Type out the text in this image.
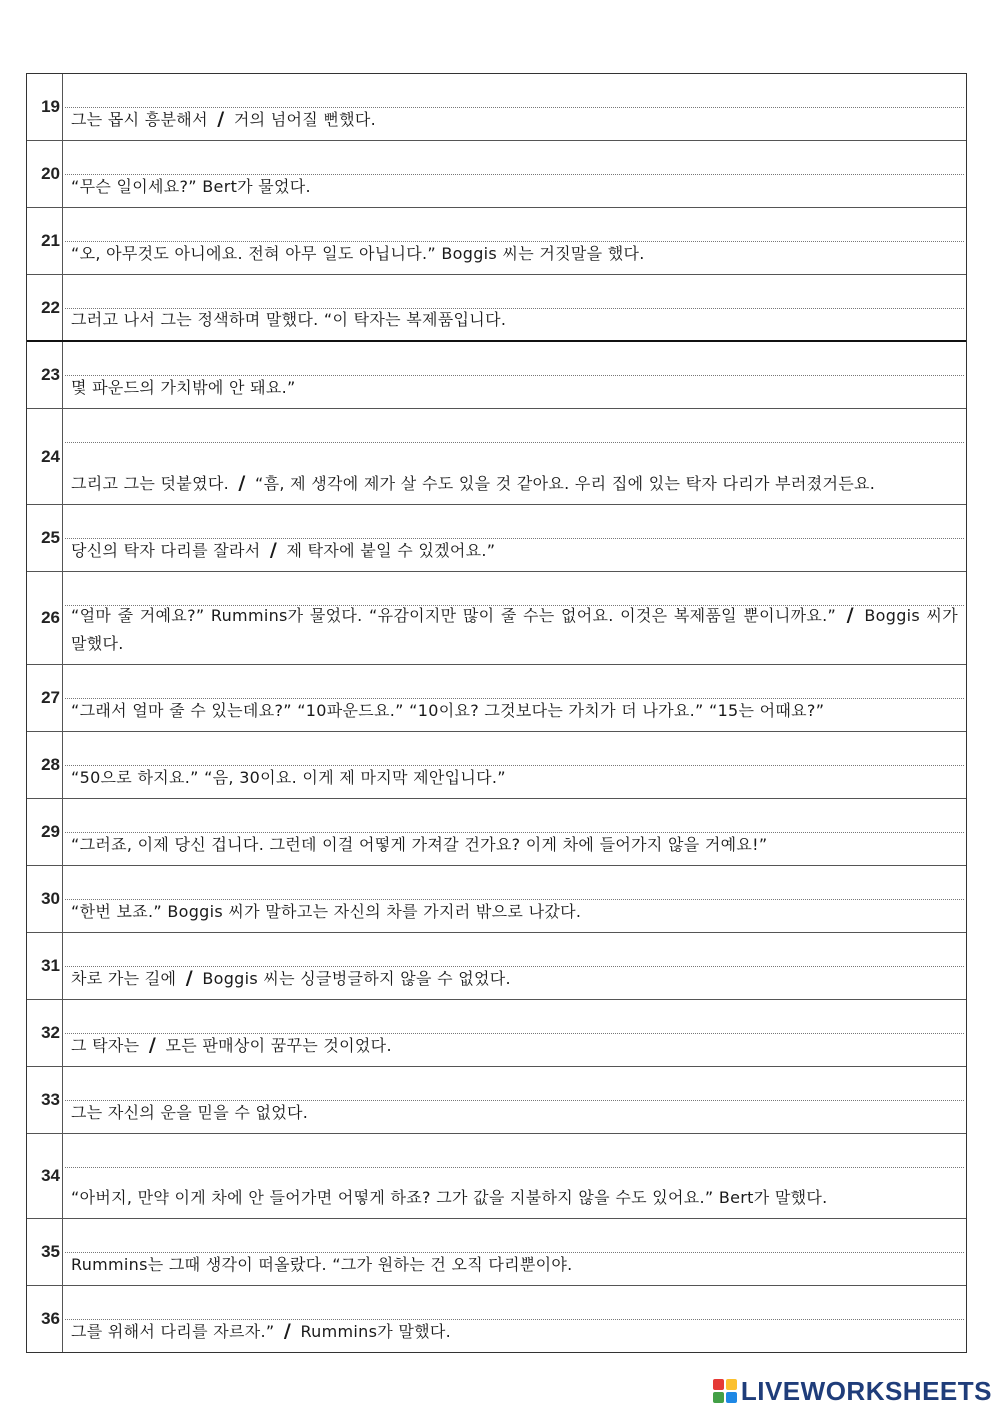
19
그는 몹시 흥분해서 / 거의 넘어질 뻔했다.
20
“무슨 일이세요?” Bert가 물었다.
21
“오, 아무것도 아니에요. 전혀 아무 일도 아닙니다.” Boggis 씨는 거짓말을 했다.
22
그러고 나서 그는 정색하며 말했다. “이 탁자는 복제품입니다.
23
몇 파운드의 가치밖에 안 돼요.”
24
그리고 그는 덧붙였다. / “흠, 제 생각에 제가 살 수도 있을 것 같아요. 우리 집에 있는 탁자 다리가 부러졌거든요.
25
당신의 탁자 다리를 잘라서 / 제 탁자에 붙일 수 있겠어요.”
26 “얼마 줄 거예요?” Rummins가 물었다. “유감이지만 많이 줄 수는 없어요. 이것은 복제품일 뿐이니까요.” / Boggis 씨가 말했다.
27
“그래서 얼마 줄 수 있는데요?” “10파운드요.” “10이요? 그것보다는 가치가 더 나가요.” “15는 어때요?”
28
“50으로 하지요.” “음, 30이요. 이게 제 마지막 제안입니다.”
29
“그러죠, 이제 당신 겁니다. 그런데 이걸 어떻게 가져갈 건가요? 이게 차에 들어가지 않을 거예요!”
30
“한번 보죠.” Boggis 씨가 말하고는 자신의 차를 가지러 밖으로 나갔다.
31
차로 가는 길에 / Boggis 씨는 싱글벙글하지 않을 수 없었다.
32
그 탁자는 / 모든 판매상이 꿈꾸는 것이었다.
33
그는 자신의 운을 믿을 수 없었다.
34
“아버지, 만약 이게 차에 안 들어가면 어떻게 하죠? 그가 값을 지불하지 않을 수도 있어요.” Bert가 말했다.
35
Rummins는 그때 생각이 떠올랐다. “그가 원하는 건 오직 다리뿐이야.
36
그를 위해서 다리를 자르자.” / Rummins가 말했다.
LIVEWORKSHEETS
